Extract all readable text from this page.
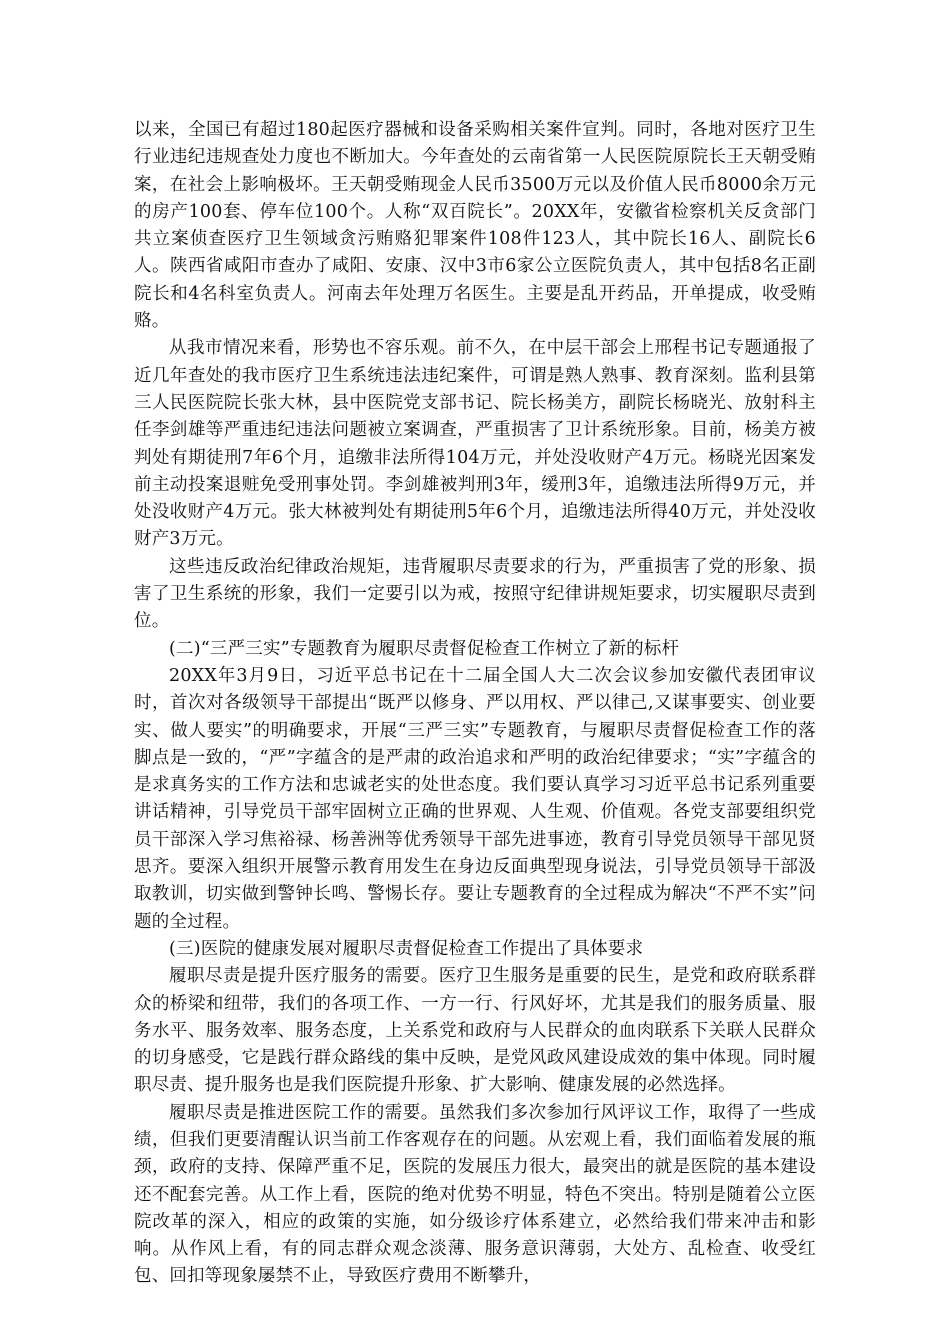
以来，全国已有超过180起医疗器械和设备采购相关案件宣判。同时，各地对医疗卫生行业违纪违规查处力度也不断加大。今年查处的云南省第一人民医院原院长王天朝受贿案，在社会上影响极坏。王天朝受贿现金人民币3500万元以及价值人民币8000余万元的房产100套、停车位100个。人称“双百院长”。20XX年，安徽省检察机关反贪部门共立案侦查医疗卫生领域贪污贿赂犯罪案件108件123人，其中院长16人、副院长6人。陕西省咸阳市查办了咸阳、安康、汉中3市6家公立医院负责人，其中包括8名正副院长和4名科室负责人。河南去年处理万名医生。主要是乱开药品，开单提成，收受贿赂。

从我市情况来看，形势也不容乐观。前不久，在中层干部会上邢程书记专题通报了近几年查处的我市医疗卫生系统违法违纪案件，可谓是熟人熟事、教育深刻。监利县第三人民医院院长张大林，县中医院党支部书记、院长杨美方，副院长杨晓光、放射科主任李剑雄等严重违纪违法问题被立案调查，严重损害了卫计系统形象。目前，杨美方被判处有期徒刑7年6个月，追缴非法所得104万元，并处没收财产4万元。杨晓光因案发前主动投案退赃免受刑事处罚。李剑雄被判刑3年，缓刑3年，追缴违法所得9万元，并处没收财产4万元。张大林被判处有期徒刑5年6个月，追缴违法所得40万元，并处没收财产3万元。

这些违反政治纪律政治规矩，违背履职尽责要求的行为，严重损害了党的形象、损害了卫生系统的形象，我们一定要引以为戒，按照守纪律讲规矩要求，切实履职尽责到位。

(二)“三严三实”专题教育为履职尽责督促检查工作树立了新的标杆

20XX年3月9日，习近平总书记在十二届全国人大二次会议参加安徽代表团审议时，首次对各级领导干部提出“既严以修身、严以用权、严以律己,又谋事要实、创业要实、做人要实”的明确要求，开展“三严三实”专题教育，与履职尽责督促检查工作的落脚点是一致的，“严”字蕴含的是严肃的政治追求和严明的政治纪律要求；“实”字蕴含的是求真务实的工作方法和忠诚老实的处世态度。我们要认真学习习近平总书记系列重要讲话精神，引导党员干部牢固树立正确的世界观、人生观、价值观。各党支部要组织党员干部深入学习焦裕禄、杨善洲等优秀领导干部先进事迹，教育引导党员领导干部见贤思齐。要深入组织开展警示教育用发生在身边反面典型现身说法，引导党员领导干部汲取教训，切实做到警钟长鸣、警惕长存。要让专题教育的全过程成为解决“不严不实”问题的全过程。

(三)医院的健康发展对履职尽责督促检查工作提出了具体要求

履职尽责是提升医疗服务的需要。医疗卫生服务是重要的民生，是党和政府联系群众的桥梁和纽带，我们的各项工作、一方一行、行风好坏，尤其是我们的服务质量、服务水平、服务效率、服务态度，上关系党和政府与人民群众的血肉联系下关联人民群众的切身感受，它是践行群众路线的集中反映，是党风政风建设成效的集中体现。同时履职尽责、提升服务也是我们医院提升形象、扩大影响、健康发展的必然选择。

履职尽责是推进医院工作的需要。虽然我们多次参加行风评议工作，取得了一些成绩，但我们更要清醒认识当前工作客观存在的问题。从宏观上看，我们面临着发展的瓶颈，政府的支持、保障严重不足，医院的发展压力很大，最突出的就是医院的基本建设还不配套完善。从工作上看，医院的绝对优势不明显，特色不突出。特别是随着公立医院改革的深入，相应的政策的实施，如分级诊疗体系建立，必然给我们带来冲击和影响。从作风上看，有的同志群众观念淡薄、服务意识薄弱，大处方、乱检查、收受红包、回扣等现象屡禁不止，导致医疗费用不断攀升，
